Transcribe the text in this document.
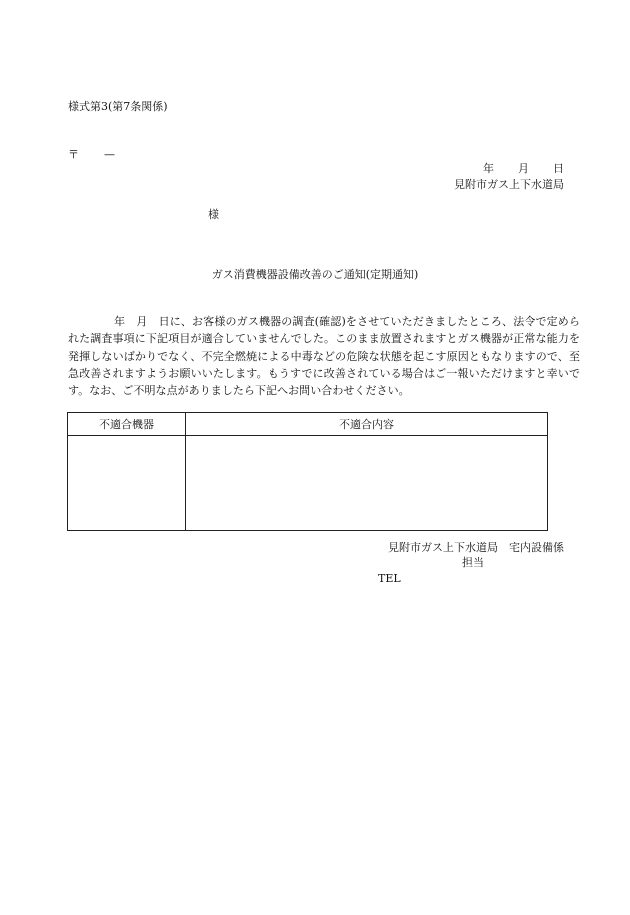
様式第3(第7条関係)
〒 —
年 月 日
見附市ガス上下水道局
様
ガス消費機器設備改善のご通知(定期通知)
年　月　日に、お客様のガス機器の調査(確認)をさせていただきましたところ、法令で定められた調査事項に下記項目が適合していませんでした。このまま放置されますとガス機器が正常な能力を発揮しないばかりでなく、不完全燃焼による中毒などの危険な状態を起こす原因ともなりますので、至急改善されますようお願いいたします。もうすでに改善されている場合はご一報いただけますと幸いです。なお、ご不明な点がありましたら下記へお問い合わせください。
不適合機器	不適合内容

見附市ガス上下水道局　宅内設備係
担当
TEL
